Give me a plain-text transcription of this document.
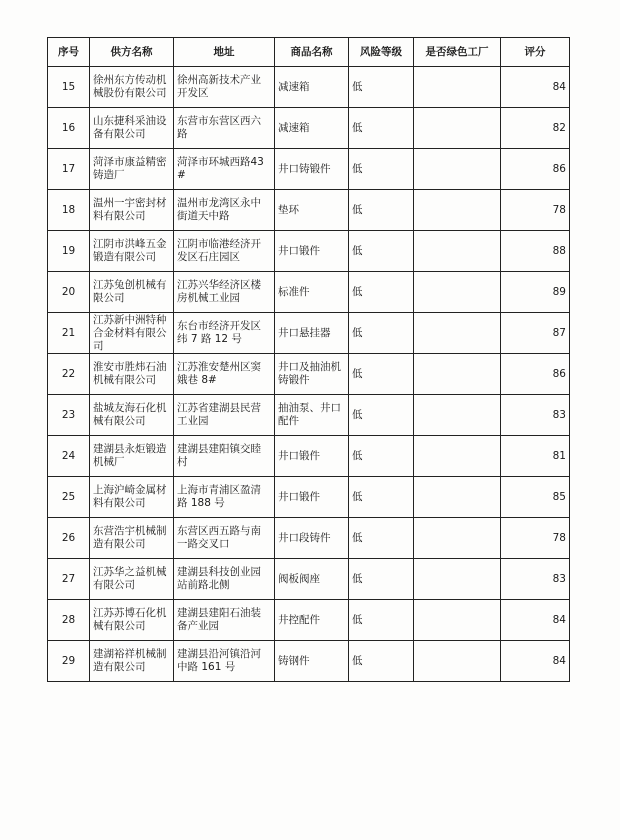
序号	供方名称	地址	商品名称	风险等级	是否绿色工厂	评分
15	徐州东方传动机械股份有限公司	徐州高新技术产业开发区	减速箱	低		84
16	山东捷科采油设备有限公司	东营市东营区西六路	减速箱	低		82
17	菏泽市康益精密铸造厂	菏泽市环城西路43#	井口铸锻件	低		86
18	温州一宇密封材料有限公司	温州市龙湾区永中街道天中路	垫环	低		78
19	江阴市洪峰五金锻造有限公司	江阴市临港经济开发区石庄园区	井口锻件	低		88
20	江苏兔创机械有限公司	江苏兴华经济区楼房机械工业园	标准件	低		89
21	江苏新中洲特种合金材料有限公司	东台市经济开发区纬 7 路 12 号	井口悬挂器	低		87
22	淮安市胜炜石油机械有限公司	江苏淮安楚州区窦娥巷 8#	井口及抽油机铸锻件	低		86
23	盐城友海石化机械有限公司	江苏省建湖县民营工业园	抽油泵、井口配件	低		83
24	建湖县永炬锻造机械厂	建湖县建阳镇交睦村	井口锻件	低		81
25	上海沪崎金属材料有限公司	上海市青浦区盈清路 188 号	井口锻件	低		85
26	东营浩宇机械制造有限公司	东营区西五路与南一路交叉口	井口段铸件	低		78
27	江苏华之益机械有限公司	建湖县科技创业园站前路北侧	阀板阀座	低		83
28	江苏苏博石化机械有限公司	建湖县建阳石油装备产业园	井控配件	低		84
29	建湖裕祥机械制造有限公司	建湖县沿河镇沿河中路 161 号	铸钢件	低		84
